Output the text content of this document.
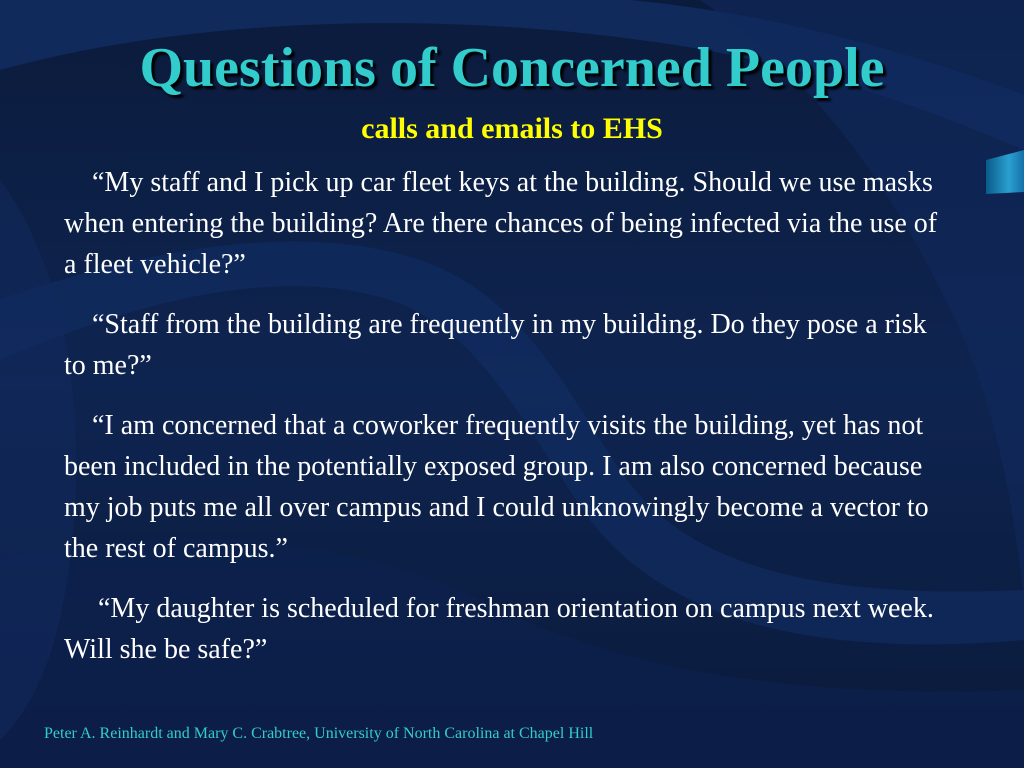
Questions of Concerned People
calls and emails to EHS

“My staff and I pick up car fleet keys at the building. Should we use masks when entering the building? Are there chances of being infected via the use of a fleet vehicle?”

“Staff from the building are frequently in my building. Do they pose a risk to me?”

“I am concerned that a coworker frequently visits the building, yet has not been included in the potentially exposed group. I am also concerned because my job puts me all over campus and I could unknowingly become a vector to the rest of campus.”

“My daughter is scheduled for freshman orientation on campus next week. Will she be safe?”

Peter A. Reinhardt and Mary C. Crabtree, University of North Carolina at Chapel Hill
